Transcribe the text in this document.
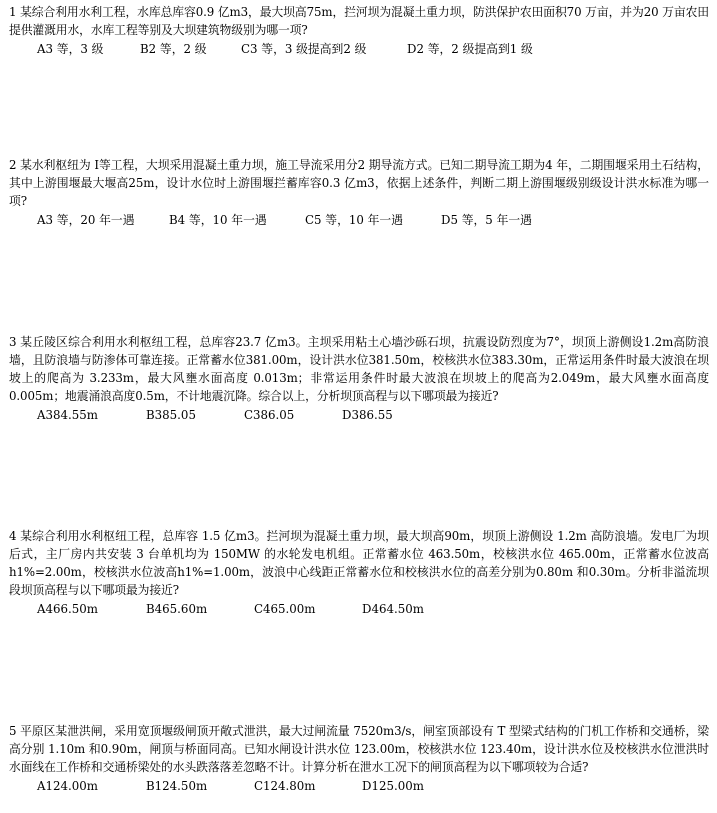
1 某综合利用水利工程，水库总库容0.9 亿m3，最大坝高75m，拦河坝为混凝土重力坝，防洪保护农田面积70 万亩，并为20 万亩农田提供灌溉用水，水库工程等别及大坝建筑物级别为哪一项?

A3 等，3 级	B2 等，2 级	C3 等，3 级提高到2 级	D2 等，2 级提高到1 级

2 某水利枢纽为 I等工程，大坝采用混凝土重力坝，施工导流采用分2 期导流方式。已知二期导流工期为4 年，二期围堰采用土石结构，其中上游围堰最大堰高25m，设计水位时上游围堰拦蓄库容0.3 亿m3，依据上述条件，判断二期上游围堰级别级设计洪水标准为哪一项?

A3 等，20 年一遇	B4 等，10 年一遇	C5 等，10 年一遇	D5 等，5 年一遇

3 某丘陵区综合利用水利枢纽工程，总库容23.7 亿m3。主坝采用粘土心墙沙砾石坝，抗震设防烈度为7°，坝顶上游侧设1.2m高防浪墙，且防浪墙与防渗体可靠连接。正常蓄水位381.00m，设计洪水位381.50m，校核洪水位383.30m，正常运用条件时最大波浪在坝坡上的爬高为 3.233m，最大风壅水面高度 0.013m；非常运用条件时最大波浪在坝坡上的爬高为2.049m，最大风壅水面高度0.005m；地震涌浪高度0.5m，不计地震沉降。综合以上，分析坝顶高程与以下哪项最为接近?

A384.55m	B385.05	C386.05	D386.55

4 某综合利用水利枢纽工程，总库容 1.5 亿m3。拦河坝为混凝土重力坝，最大坝高90m，坝顶上游侧设 1.2m 高防浪墙。发电厂为坝后式，主厂房内共安装 3 台单机均为 150MW 的水轮发电机组。正常蓄水位 463.50m，校核洪水位 465.00m，正常蓄水位波高h1%=2.00m，校核洪水位波高h1%=1.00m，波浪中心线距正常蓄水位和校核洪水位的高差分别为0.80m 和0.30m。分析非溢流坝段坝顶高程与以下哪项最为接近?

A466.50m	B465.60m	C465.00m	D464.50m

5 平原区某泄洪闸，采用宽顶堰级闸顶开敞式泄洪，最大过闸流量 7520m3/s，闸室顶部设有 T 型梁式结构的门机工作桥和交通桥，梁高分别 1.10m 和0.90m，闸顶与桥面同高。已知水闸设计洪水位 123.00m，校核洪水位 123.40m，设计洪水位及校核洪水位泄洪时水面线在工作桥和交通桥梁处的水头跌落落差忽略不计。计算分析在泄水工况下的闸顶高程为以下哪项较为合适?

A124.00m	B124.50m	C124.80m	D125.00m
